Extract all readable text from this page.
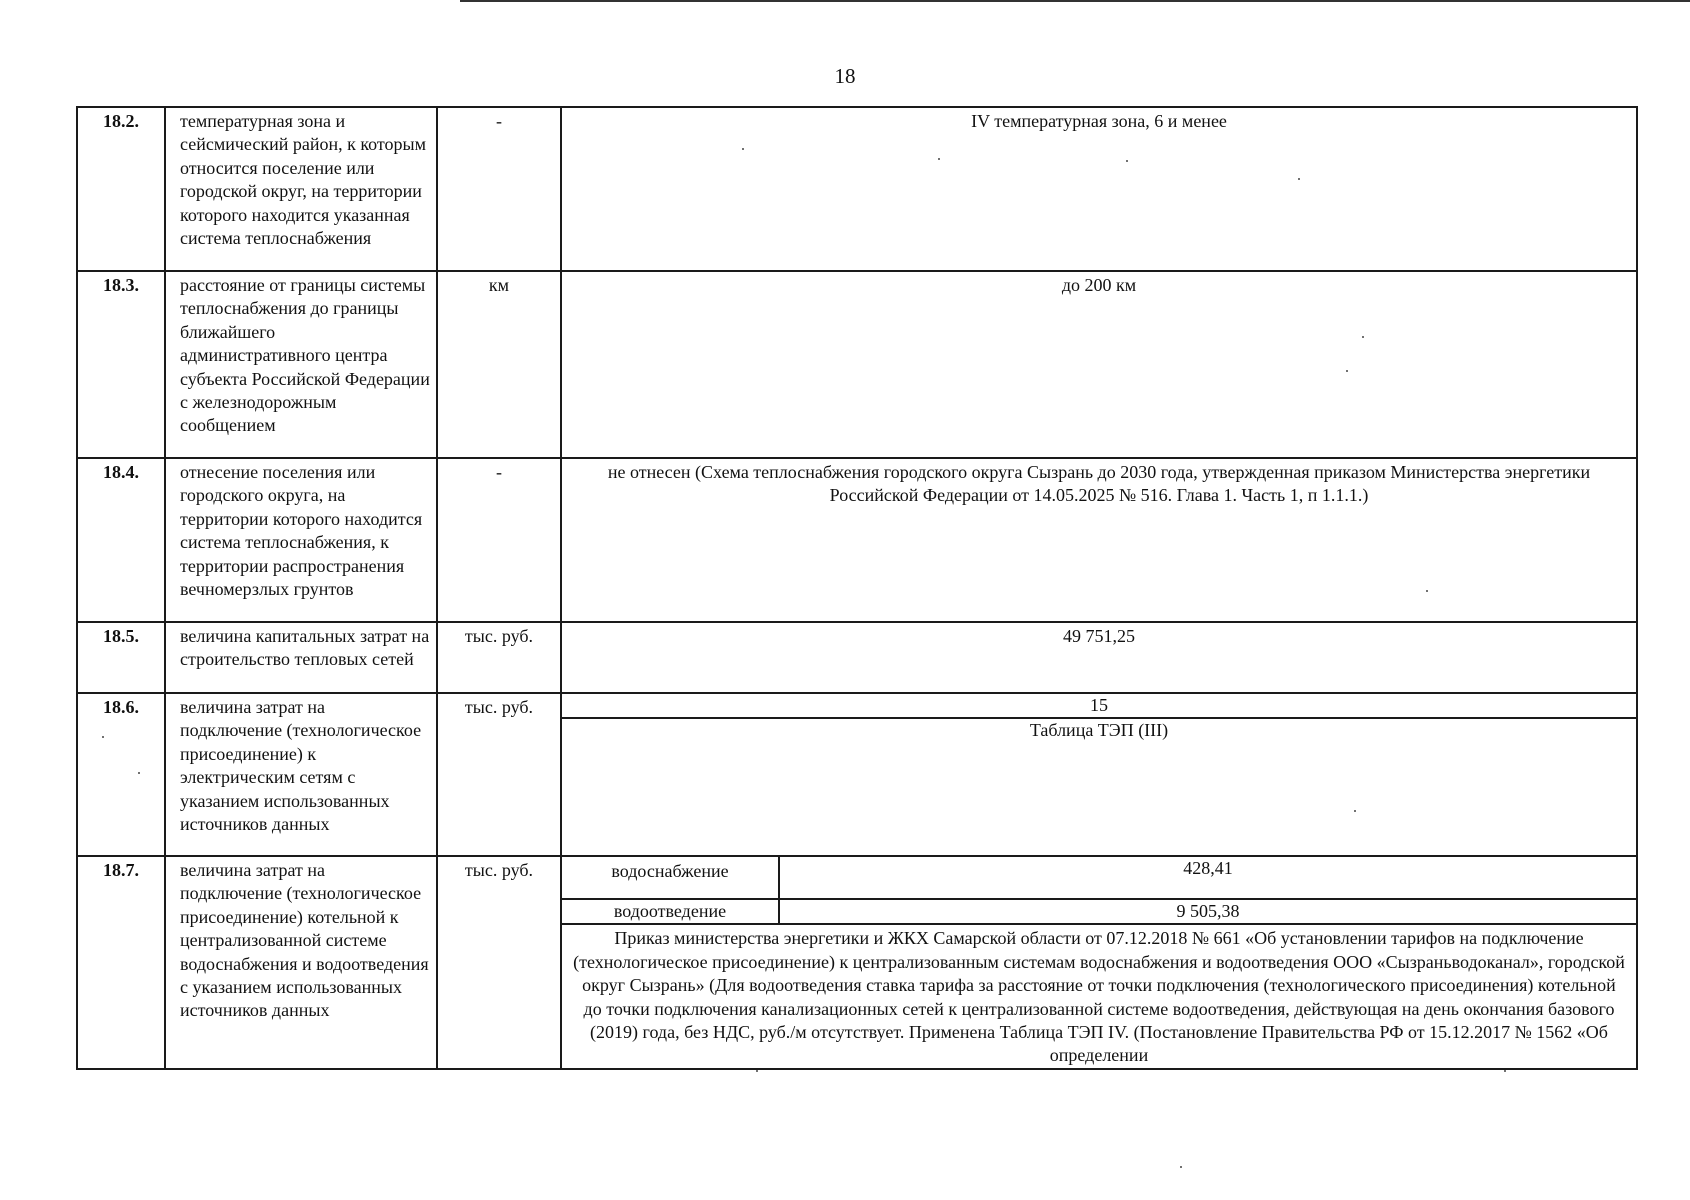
18
18.2.	температурная зона и сейсмический район, к которым относится поселение или городской округ, на территории которого находится указанная система теплоснабжения	-	IV температурная зона, 6 и менее
18.3.	расстояние от границы системы теплоснабжения до границы ближайшего административного центра субъекта Российской Федерации с железнодорожным сообщением	км	до 200 км
18.4.	отнесение поселения или городского округа, на территории которого находится система теплоснабжения, к территории распространения вечномерзлых грунтов	-	не отнесен (Схема теплоснабжения городского округа Сызрань до 2030 года, утвержденная приказом Министерства энергетики Российской Федерации от 14.05.2025 № 516. Глава 1. Часть 1, п 1.1.1.)
18.5.	величина капитальных затрат на строительство тепловых сетей	тыс. руб.	49 751,25
18.6.	величина затрат на подключение (технологическое присоединение) к электрическим сетям с указанием использованных источников данных	тыс. руб.	15
Таблица ТЭП (III)

18.7.	величина затрат на подключение (технологическое присоединение) котельной к централизованной системе водоснабжения и водоотведения с указанием использованных источников данных	тыс. руб.		водоснабжение	428,41
водоотведение	9 505,38
Приказ министерства энергетики и ЖКХ Самарской области от 07.12.2018 № 661 «Об установлении тарифов на подключение (технологическое присоединение) к централизованным системам водоснабжения и водоотведения ООО «Сызраньводоканал», городской округ Сызрань» (Для водоотведения ставка тарифа за расстояние от точки подключения (технологического присоединения) котельной до точки подключения канализационных сетей к централизованной системе водоотведения, действующая на день окончания базового (2019) года, без НДС, руб./м отсутствует. Применена Таблица ТЭП IV. (Постановление Правительства РФ от 15.12.2017 № 1562 «Об определении
